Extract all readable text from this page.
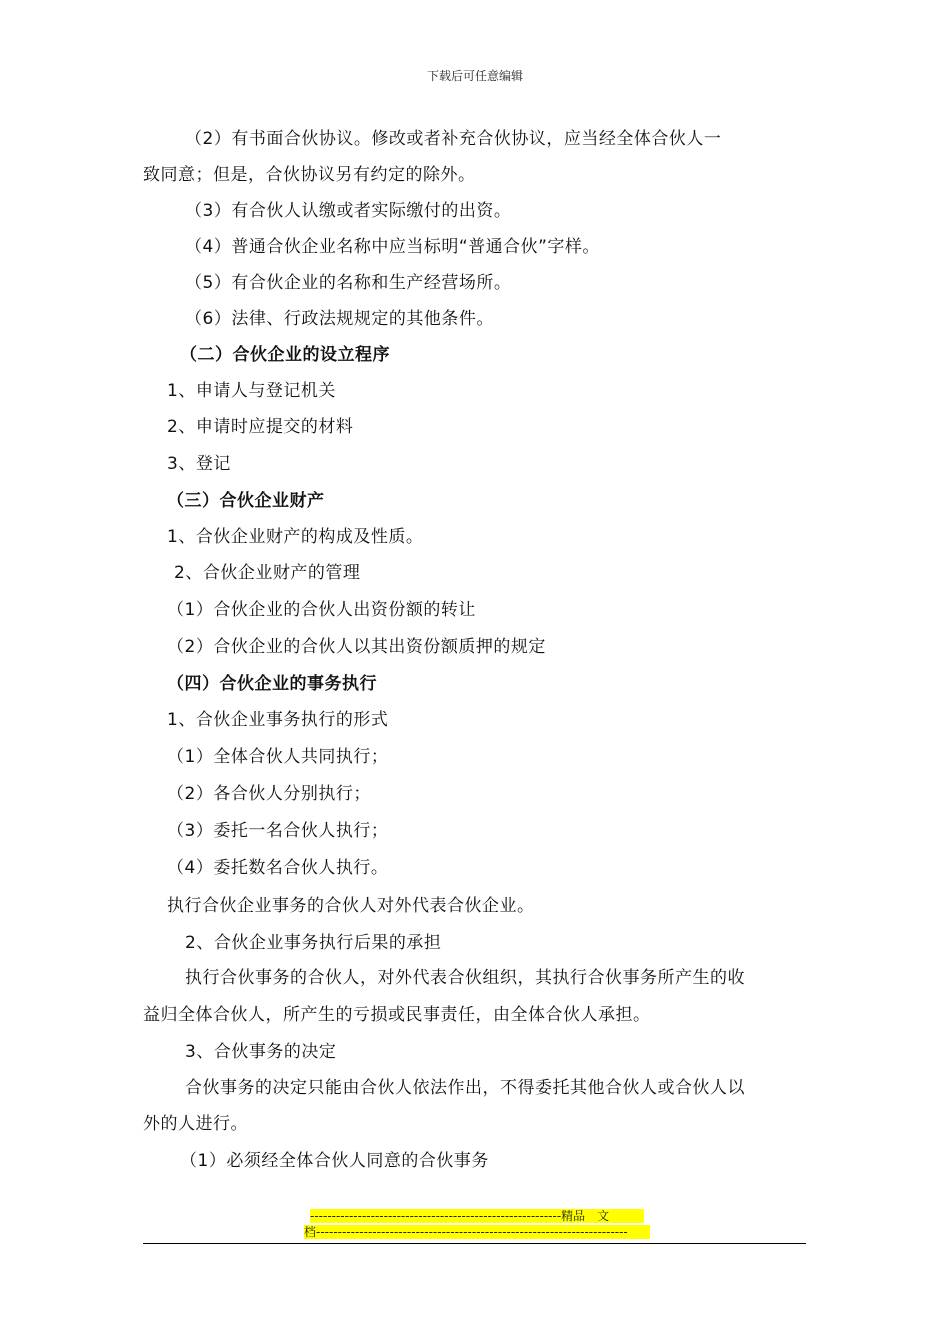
下载后可任意编辑
（2）有书面合伙协议。修改或者补充合伙协议，应当经全体合伙人一
致同意；但是，合伙协议另有约定的除外。
（3）有合伙人认缴或者实际缴付的出资。
（4）普通合伙企业名称中应当标明“普通合伙”字样。
（5）有合伙企业的名称和生产经营场所。
（6）法律、行政法规规定的其他条件。
（二）合伙企业的设立程序
1、申请人与登记机关
2、申请时应提交的材料
3、登记
（三）合伙企业财产
1、合伙企业财产的构成及性质。
2、合伙企业财产的管理
（1）合伙企业的合伙人出资份额的转让
（2）合伙企业的合伙人以其出资份额质押的规定
（四）合伙企业的事务执行
1、合伙企业事务执行的形式
（1）全体合伙人共同执行；
（2）各合伙人分别执行；
（3）委托一名合伙人执行；
（4）委托数名合伙人执行。
执行合伙企业事务的合伙人对外代表合伙企业。
2、合伙企业事务执行后果的承担
执行合伙事务的合伙人，对外代表合伙组织，其执行合伙事务所产生的收
益归全体合伙人，所产生的亏损或民事责任，由全体合伙人承担。
3、合伙事务的决定
合伙事务的决定只能由合伙人依法作出，不得委托其他合伙人或合伙人以
外的人进行。
（1）必须经全体合伙人同意的合伙事务
----------------------------------------------------------精品　文
档------------------------------------------------------------------------
